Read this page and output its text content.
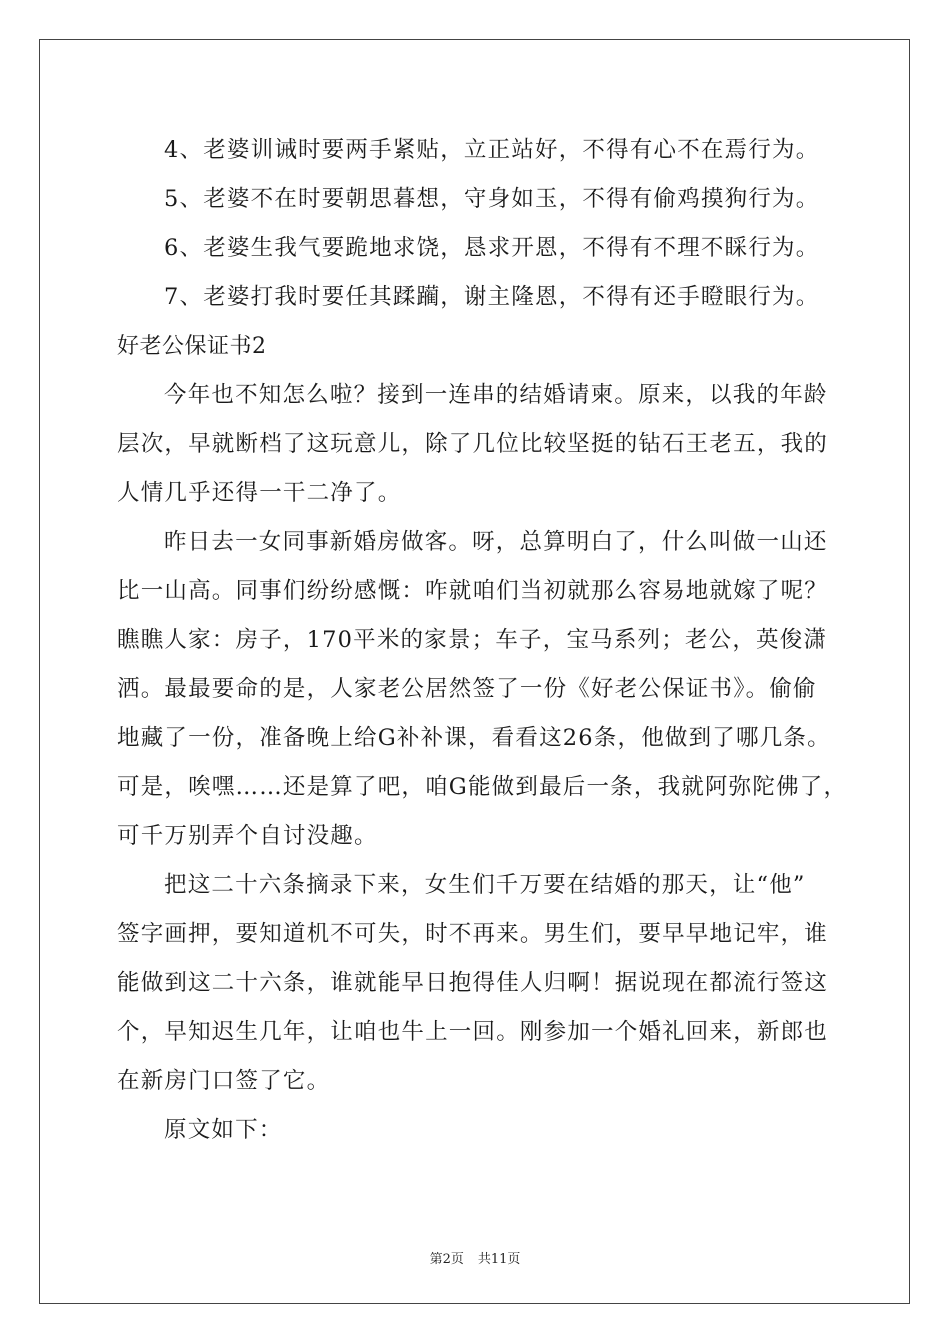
4、老婆训诫时要两手紧贴，立正站好，不得有心不在焉行为。
5、老婆不在时要朝思暮想，守身如玉，不得有偷鸡摸狗行为。
6、老婆生我气要跪地求饶，恳求开恩，不得有不理不睬行为。
7、老婆打我时要任其蹂躏，谢主隆恩，不得有还手瞪眼行为。
好老公保证书2
今年也不知怎么啦？接到一连串的结婚请柬。原来，以我的年龄
层次，早就断档了这玩意儿，除了几位比较坚挺的钻石王老五，我的
人情几乎还得一干二净了。
昨日去一女同事新婚房做客。呀，总算明白了，什么叫做一山还
比一山高。同事们纷纷感慨：咋就咱们当初就那么容易地就嫁了呢？
瞧瞧人家：房子，170平米的家景；车子，宝马系列；老公，英俊潇
洒。最最要命的是，人家老公居然签了一份《好老公保证书》。偷偷
地藏了一份，准备晚上给G补补课，看看这26条，他做到了哪几条。
可是，唉嘿……还是算了吧，咱G能做到最后一条，我就阿弥陀佛了，
可千万别弄个自讨没趣。
把这二十六条摘录下来，女生们千万要在结婚的那天，让“他”
签字画押，要知道机不可失，时不再来。男生们，要早早地记牢，谁
能做到这二十六条，谁就能早日抱得佳人归啊！据说现在都流行签这
个，早知迟生几年，让咱也牛上一回。刚参加一个婚礼回来，新郎也
在新房门口签了它。
原文如下：
第2页 共11页
